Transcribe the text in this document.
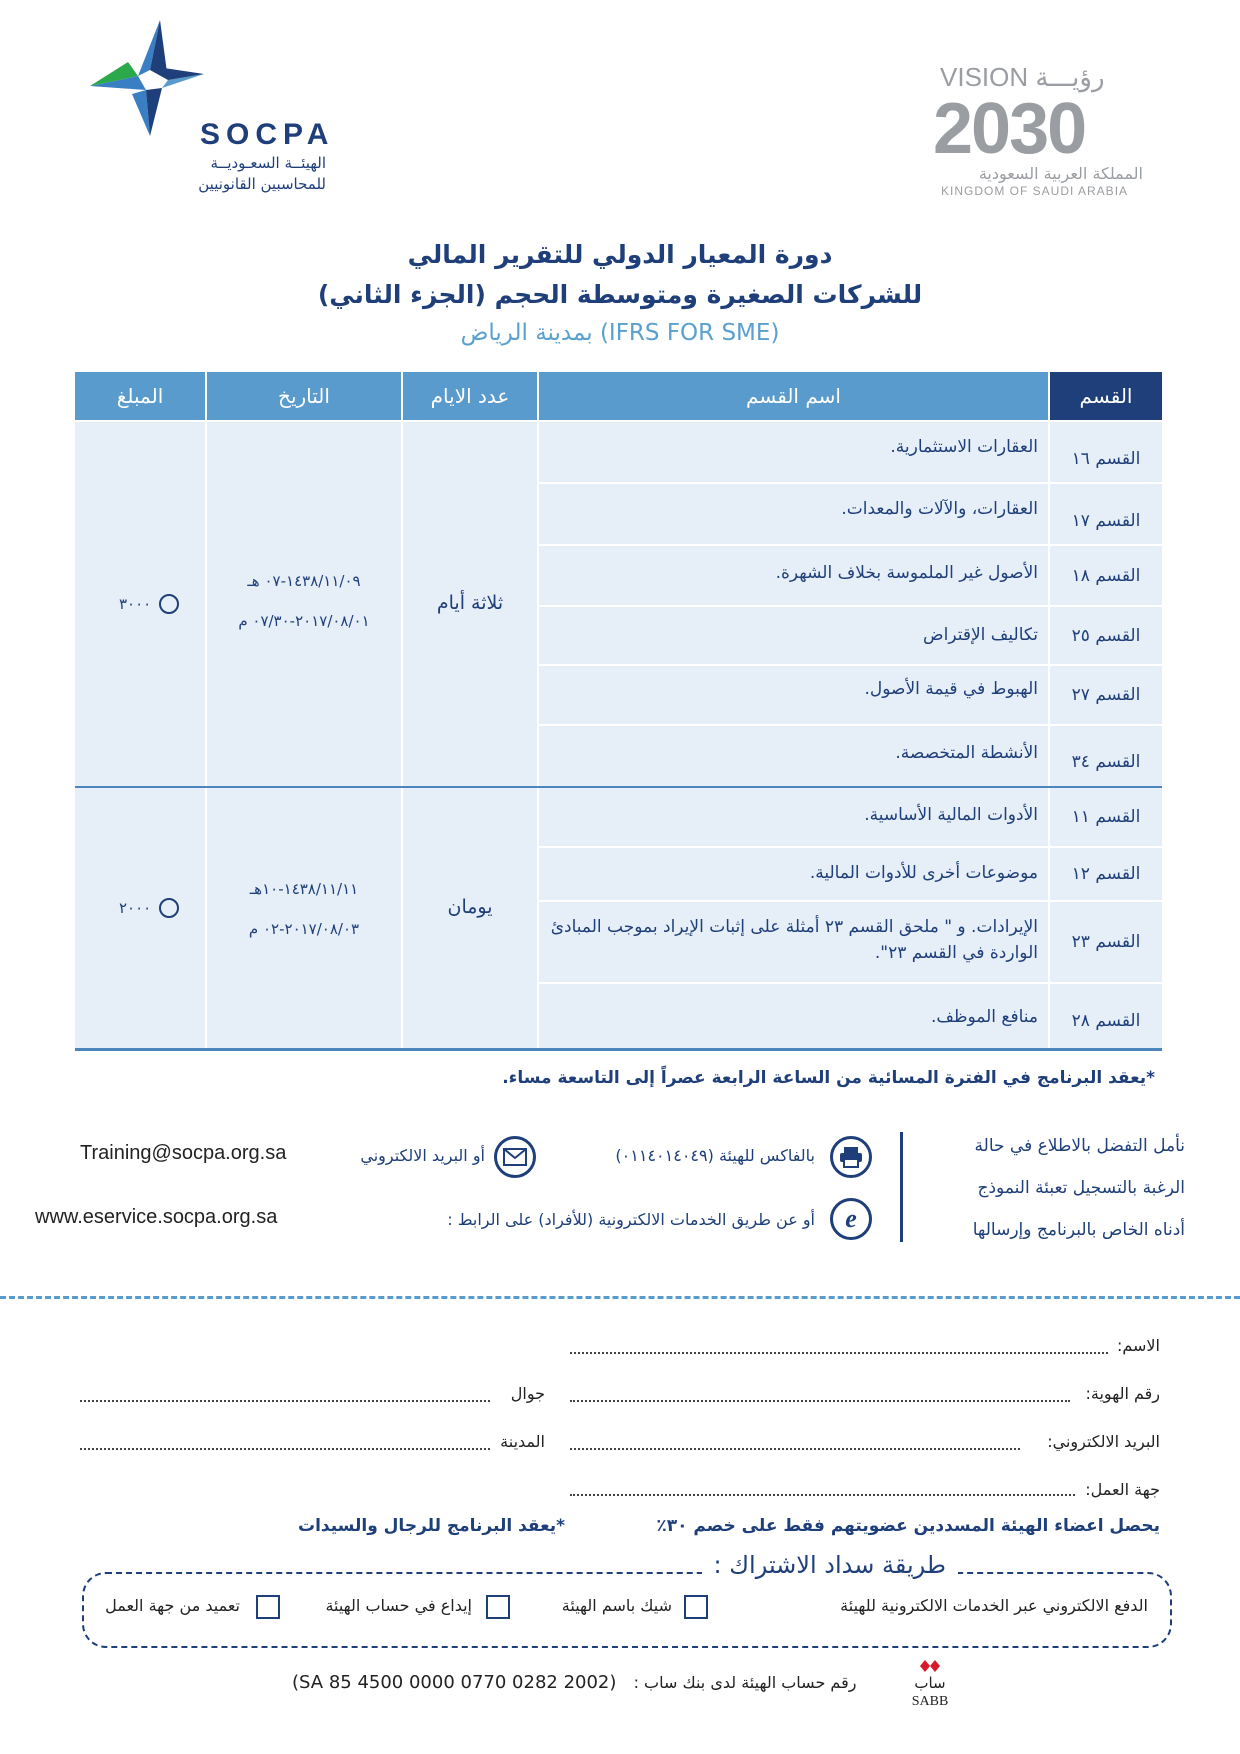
SOCPA
الهيئــة السعـوديــة
للمحاسبين القانونيين
VISION رؤيـــة
2030
المملكة العربية السعودية
KINGDOM OF SAUDI ARABIA
دورة المعيار الدولي للتقرير المالي
للشركات الصغيرة ومتوسطة الحجم (الجزء الثاني)
(IFRS FOR SME) بمدينة الرياض
القسم
اسم القسم
عدد الايام
التاريخ
المبلغ
القسم ١٦
العقارات الاستثمارية.
القسم ١٧
العقارات، والآلات والمعدات.
القسم ١٨
الأصول غير الملموسة بخلاف الشهرة.
القسم ٢٥
تكاليف الإقتراض
القسم ٢٧
الهبوط في قيمة الأصول.
القسم ٣٤
الأنشطة المتخصصة.
ثلاثة أيام
١٤٣٨/١١/٠٩-٠٧ هـ
٢٠١٧/٠٨/٠١-٠٧/٣٠ م
٣٠٠٠
القسم ١١
الأدوات المالية الأساسية.
القسم ١٢
موضوعات أخرى للأدوات المالية.
القسم ٢٣
الإيرادات. و " ملحق القسم ٢٣ أمثلة على إثبات الإيراد بموجب المبادئ الواردة في القسم ٢٣".
القسم ٢٨
منافع الموظف.
يومان
١٤٣٨/١١/١١-١٠هـ
٢٠١٧/٠٨/٠٣-٠٢ م
٢٠٠٠
*يعقد البرنامج في الفترة المسائية من الساعة الرابعة عصراً إلى التاسعة مساء.
نأمل التفضل بالاطلاع في حالة
الرغبة بالتسجيل تعبئة النموذج
أدناه الخاص بالبرنامج وإرسالها
بالفاكس للهيئة (٠١١٤٠١٤٠٤٩)
أو البريد الالكتروني
Training@socpa.org.sa
e
أو عن طريق الخدمات الالكترونية (للأفراد) على الرابط :
www.eservice.socpa.org.sa
الاسم:
رقم الهوية:
جوال
البريد الالكتروني:
المدينة
جهة العمل:
يحصل اعضاء الهيئة المسددين عضويتهم فقط على خصم ٣٠٪
*يعقد البرنامج للرجال والسيدات
طريقة سداد الاشتراك :
الدفع الالكتروني عبر الخدمات الالكترونية للهيئة
شيك باسم الهيئة
إيداع في حساب الهيئة
تعميد من جهة العمل
(SA 85 4500 0000 0770 0282 2002) رقم حساب الهيئة لدى بنك ساب :	ساب
SABB
